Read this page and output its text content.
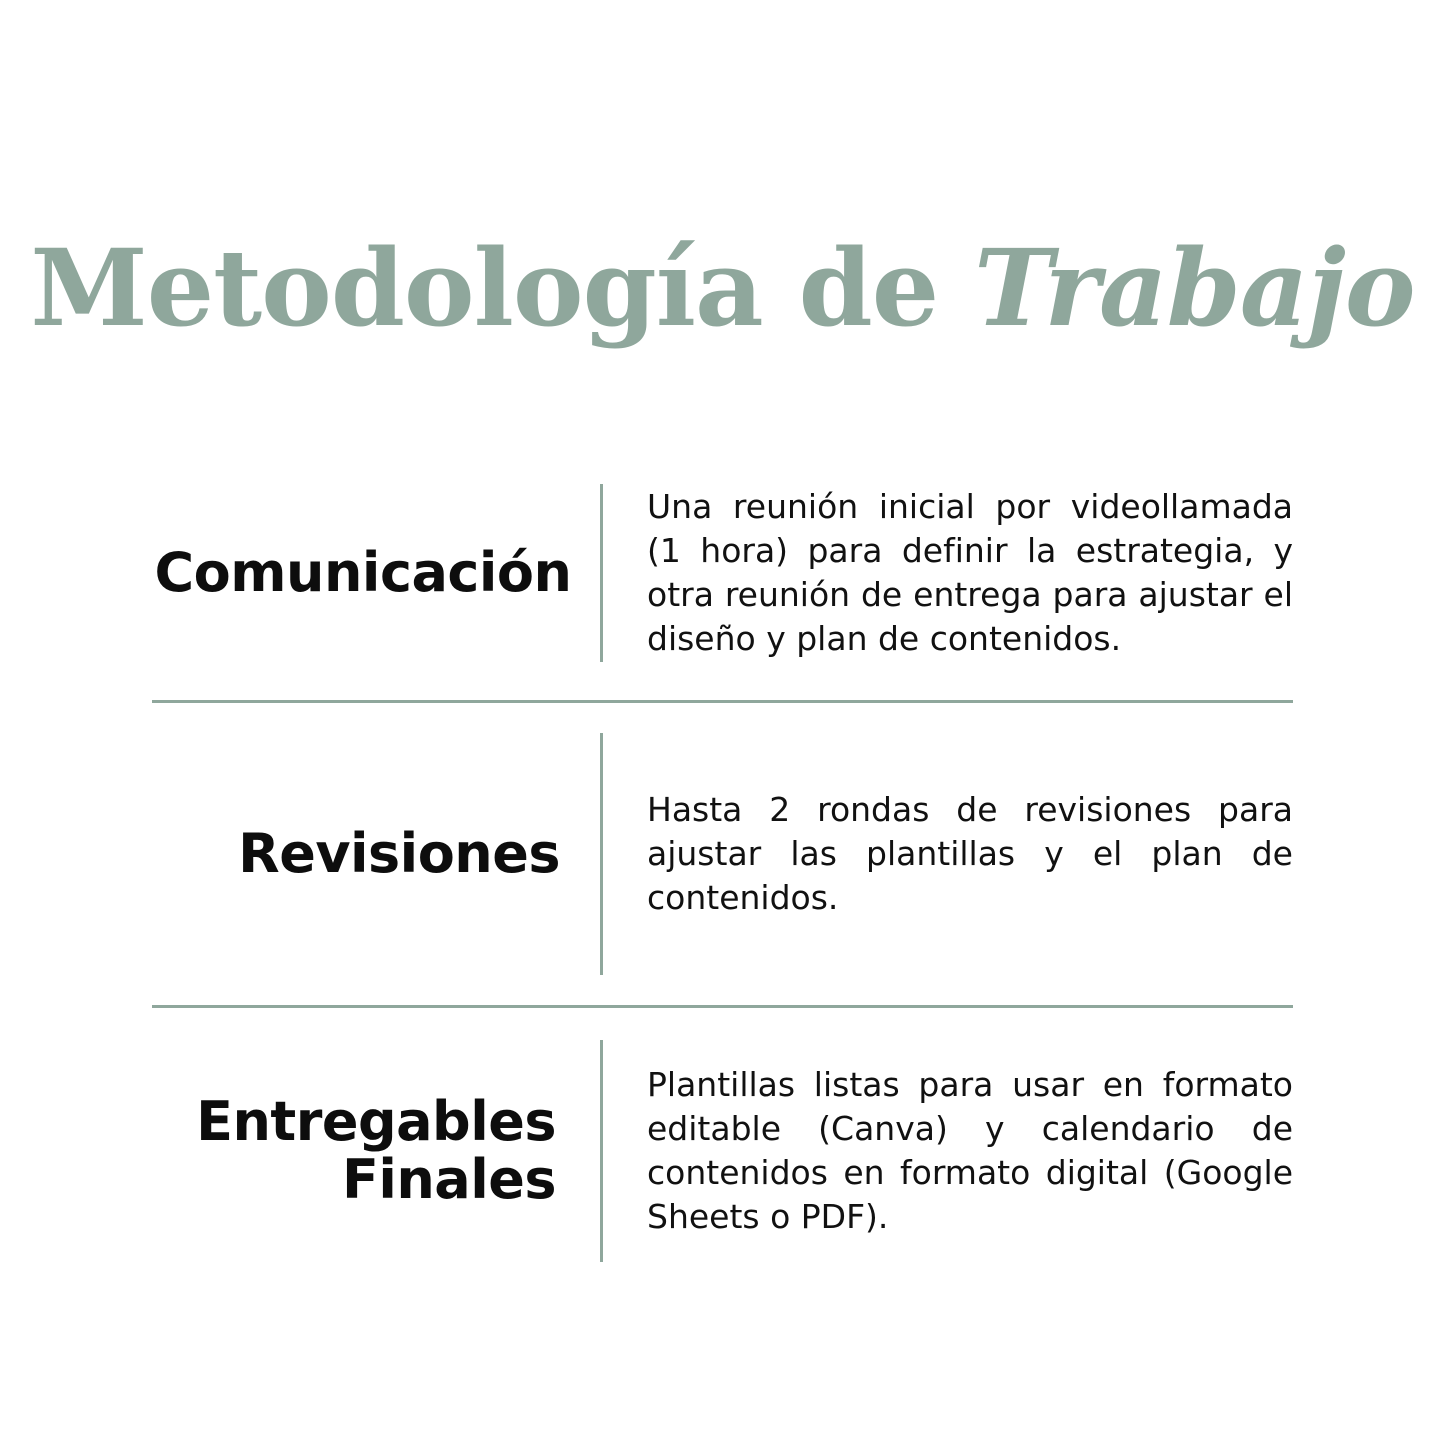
Metodología de Trabajo
Comunicación
Una reunión inicial por videollamada (1 hora) para definir la estrategia, y otra reunión de entrega para ajustar el diseño y plan de contenidos.
Revisiones
Hasta 2 rondas de revisiones para ajustar las plantillas y el plan de contenidos.
Entregables Finales
Plantillas listas para usar en formato editable (Canva) y calendario de contenidos en formato digital (Google Sheets o PDF).
